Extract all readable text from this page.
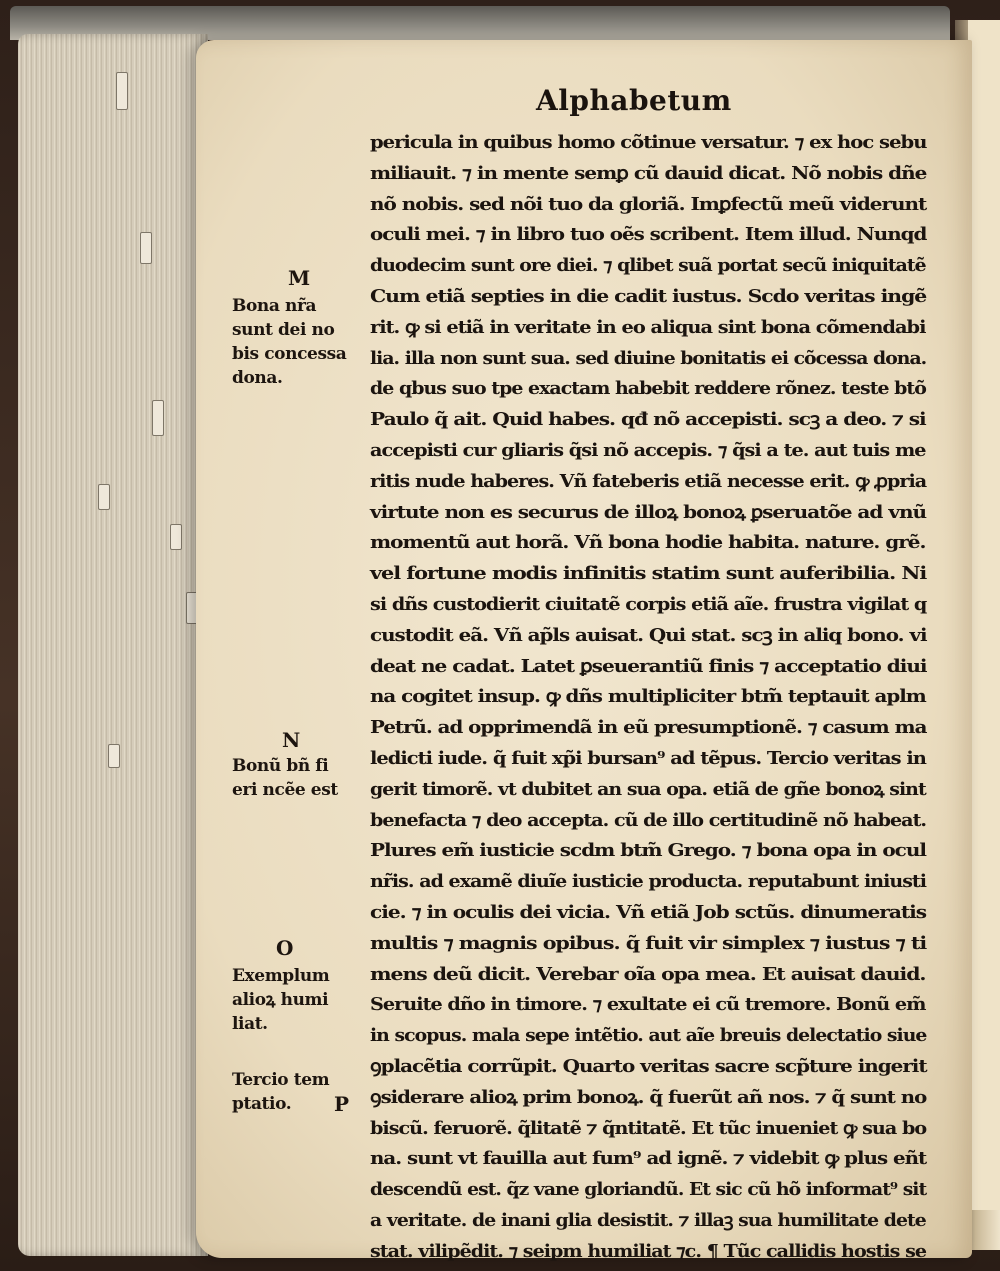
Alphabetum
pericula in quibus homo cõtinue versatur. ⁊ ex hoc sebu
miliauit. ⁊ in mente semꝑ cũ dauid dicat. Nõ nobis dñe
nõ nobis. sed nõi tuo da gloriã. Imꝑfectũ meũ viderunt
oculi mei. ⁊ in libro tuo oẽs scribent. Item illud. Nunqd
duodecim sunt ore diei. ⁊ qlibet suã portat secũ iniquitatẽ
Cum etiã septies in die cadit iustus. Scdo veritas ingẽ
rit. ꝙ si etiã in veritate in eo aliqua sint bona cõmendabi
lia. illa non sunt sua. sed diuine bonitatis ei cõcessa dona.
de qbus suo tpe exactam habebit reddere rõnez. teste btõ
Paulo q̃ ait. Quid habes. qđ nõ accepisti. scꝫ a deo. ⁊ si
accepisti cur gliaris q̃si nõ accepis. ⁊ q̃si a te. aut tuis me
ritis nude haberes. Vñ fateberis etiã necesse erit. ꝙ ꝓpria
virtute non es securus de illoꝝ bonoꝝ ꝑseruatõe ad vnũ
momentũ aut horã. Vñ bona hodie habita. nature. grẽ.
vel fortune modis infinitis statim sunt auferibilia. Ni
si dñs custodierit ciuitatẽ corpis etiã aĩe. frustra vigilat q
custodit eã. Vñ ap̃ls auisat. Qui stat. scꝫ in aliq bono. vi
deat ne cadat. Latet ꝑseuerantiũ finis ⁊ acceptatio diui
na cogitet insup. ꝙ dñs multipliciter btm̃ teptauit aplm
Petrũ. ad opprimendã in eũ presumptionẽ. ⁊ casum ma
ledicti iude. q̃ fuit xp̃i bursan⁹ ad tẽpus. Tercio veritas in
gerit timorẽ. vt dubitet an sua opa. etiã de gñe bonoꝝ sint
benefacta ⁊ deo accepta. cũ de illo certitudinẽ nõ habeat.
Plures em̃ iusticie scdm btm̃ Grego. ⁊ bona opa in ocul
nr̃is. ad examẽ diuĩe iusticie producta. reputabunt iniusti
cie. ⁊ in oculis dei vicia. Vñ etiã Job sctũs. dinumeratis
multis ⁊ magnis opibus. q̃ fuit vir simplex ⁊ iustus ⁊ ti
mens deũ dicit. Verebar oĩa opa mea. Et auisat dauid.
Seruite dño in timore. ⁊ exultate ei cũ tremore. Bonũ em̃
in scopus. mala sepe intẽtio. aut aĩe breuis delectatio siue
ꝯplacẽtia corrũpit. Quarto veritas sacre scp̃ture ingerit
ꝯsiderare alioꝝ prim bonoꝝ. q̃ fuerũt añ nos. ⁊ q̃ sunt no
biscũ. feruorẽ. q̃litatẽ ⁊ q̃ntitatẽ. Et tũc inueniet ꝙ sua bo
na. sunt vt fauilla aut fum⁹ ad ignẽ. ⁊ videbit ꝙ plus eñt
descendũ est. q̃z vane gloriandũ. Et sic cũ hõ informat⁹ sit
a veritate. de inani glia desistit. ⁊ illaꝫ sua humilitate dete
stat. vilipẽdit. ⁊ seipm humiliat ⁊c. ¶ Tũc callidis hostis se
M
Bona nr̃a
sunt dei no
bis concessa
dona.
N
Bonũ bñ fi
eri ncẽe est
O
Exemplum
alioꝝ humi
liat.
Tercio tem
ptatio.	P
